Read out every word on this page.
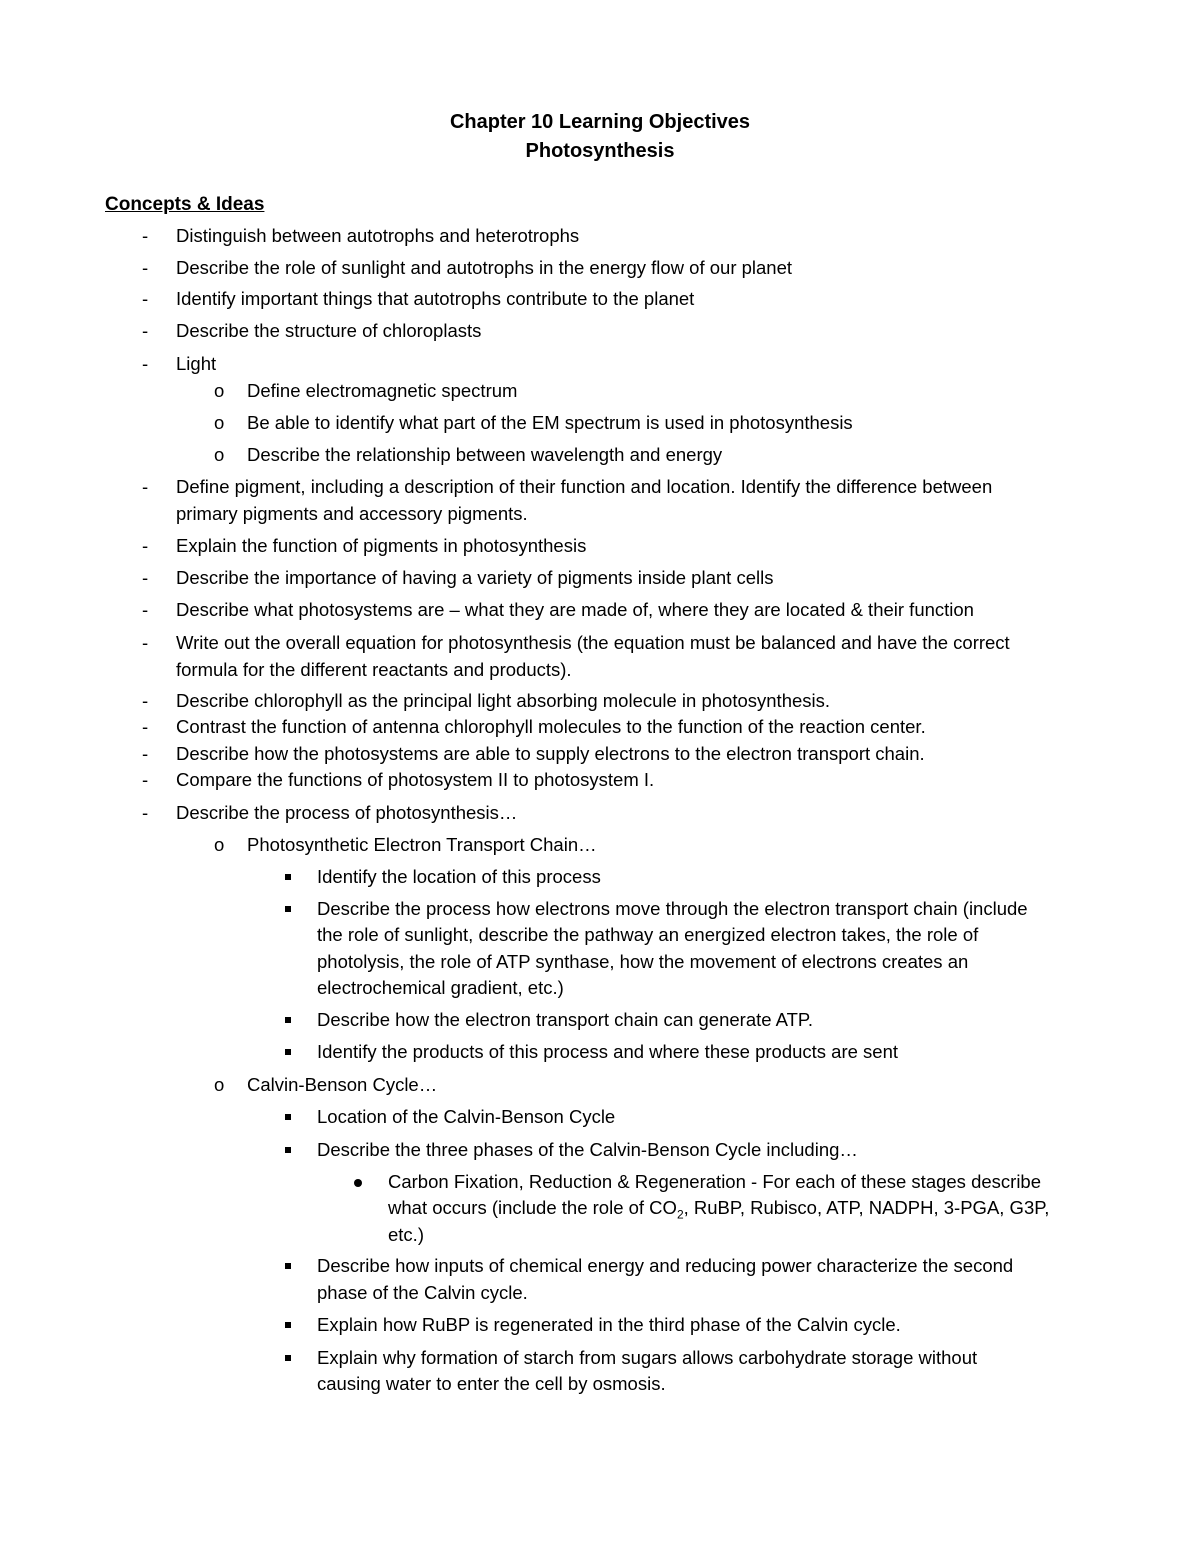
Chapter 10 Learning Objectives
Photosynthesis
Concepts & Ideas
- Distinguish between autotrophs and heterotrophs
- Describe the role of sunlight and autotrophs in the energy flow of our planet
- Identify important things that autotrophs contribute to the planet
- Describe the structure of chloroplasts
- Light
o Define electromagnetic spectrum
o Be able to identify what part of the EM spectrum is used in photosynthesis
o Describe the relationship between wavelength and energy
- Define pigment, including a description of their function and location. Identify the difference between
primary pigments and accessory pigments.
- Explain the function of pigments in photosynthesis
- Describe the importance of having a variety of pigments inside plant cells
- Describe what photosystems are – what they are made of, where they are located & their function
- Write out the overall equation for photosynthesis (the equation must be balanced and have the correct
formula for the different reactants and products).
- Describe chlorophyll as the principal light absorbing molecule in photosynthesis.
- Contrast the function of antenna chlorophyll molecules to the function of the reaction center.
- Describe how the photosystems are able to supply electrons to the electron transport chain.
- Compare the functions of photosystem II to photosystem I.
- Describe the process of photosynthesis…
o Photosynthetic Electron Transport Chain…
Identify the location of this process
Describe the process how electrons move through the electron transport chain (include
the role of sunlight, describe the pathway an energized electron takes, the role of
photolysis, the role of ATP synthase, how the movement of electrons creates an
electrochemical gradient, etc.)
Describe how the electron transport chain can generate ATP.
Identify the products of this process and where these products are sent
o Calvin-Benson Cycle…
Location of the Calvin-Benson Cycle
Describe the three phases of the Calvin-Benson Cycle including…
Carbon Fixation, Reduction & Regeneration - For each of these stages describe
what occurs (include the role of $CO_2$, RuBP, Rubisco, ATP, NADPH, 3-PGA, G3P,
etc.)
Describe how inputs of chemical energy and reducing power characterize the second
phase of the Calvin cycle.
Explain how RuBP is regenerated in the third phase of the Calvin cycle.
Explain why formation of starch from sugars allows carbohydrate storage without
causing water to enter the cell by osmosis.
